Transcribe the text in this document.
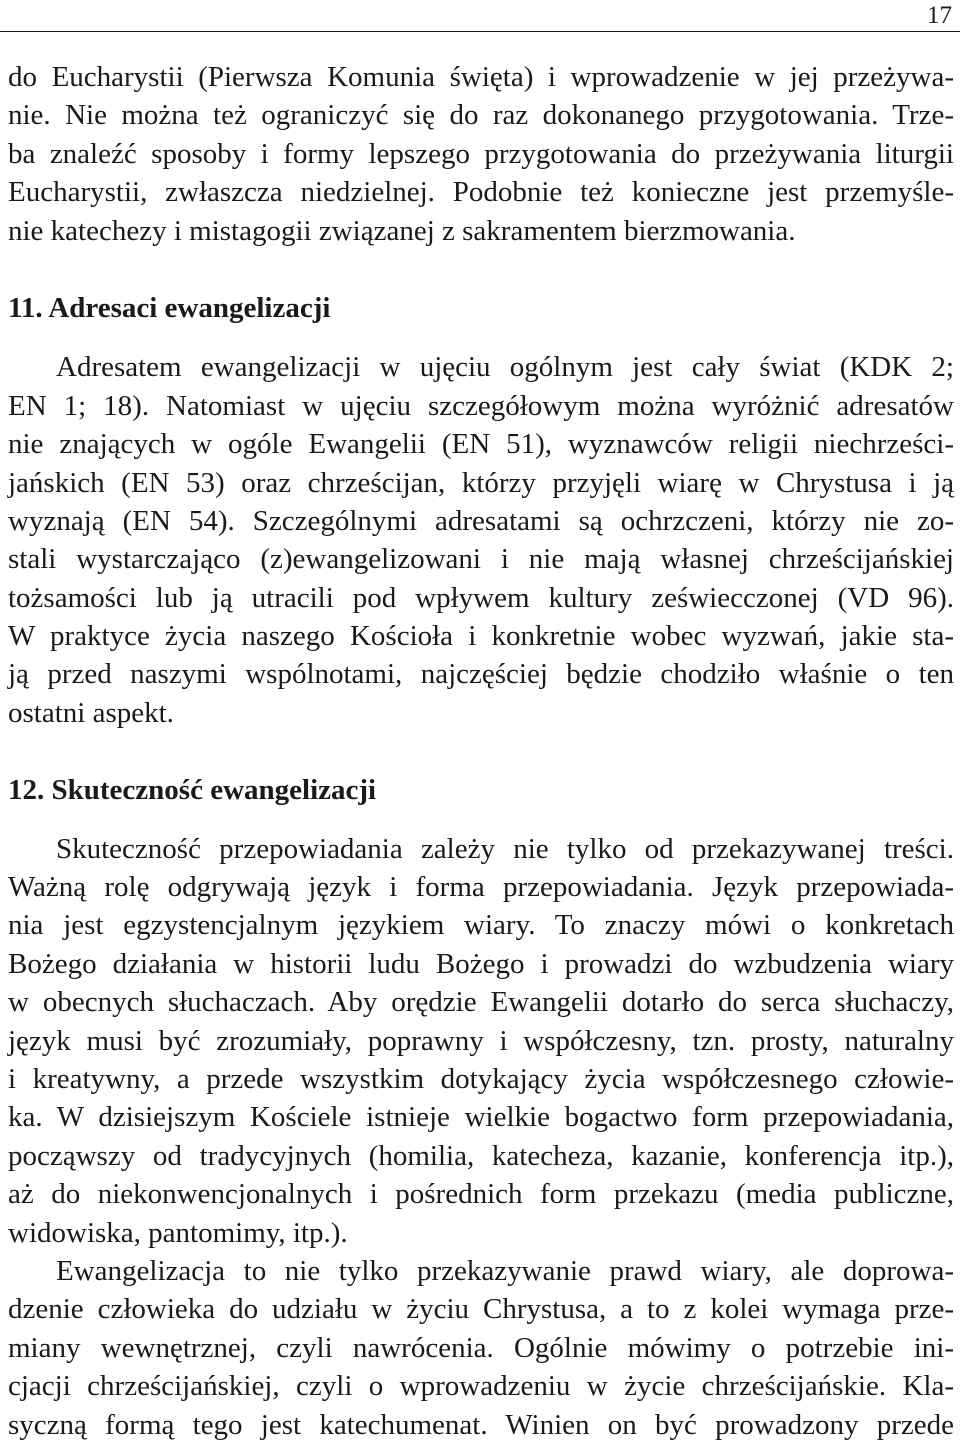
17
do Eucharystii (Pierwsza Komunia święta) i wprowadzenie w jej przeżywa-
nie. Nie można też ograniczyć się do raz dokonanego przygotowania. Trze-
ba znaleźć sposoby i formy lepszego przygotowania do przeżywania liturgii
Eucharystii, zwłaszcza niedzielnej. Podobnie też konieczne jest przemyśle-
nie katechezy i mistagogii związanej z sakramentem bierzmowania.
11. Adresaci ewangelizacji
Adresatem ewangelizacji w ujęciu ogólnym jest cały świat (KDK 2;
EN 1; 18). Natomiast w ujęciu szczegółowym można wyróżnić adresatów
nie znających w ogóle Ewangelii (EN 51), wyznawców religii niechrześci-
jańskich (EN 53) oraz chrześcijan, którzy przyjęli wiarę w Chrystusa i ją
wyznają (EN 54). Szczególnymi adresatami są ochrzczeni, którzy nie zo-
stali wystarczająco (z)ewangelizowani i nie mają własnej chrześcijańskiej
tożsamości lub ją utracili pod wpływem kultury zeświecczonej (VD 96).
W praktyce życia naszego Kościoła i konkretnie wobec wyzwań, jakie sta-
ją przed naszymi wspólnotami, najczęściej będzie chodziło właśnie o ten
ostatni aspekt.
12. Skuteczność ewangelizacji
Skuteczność przepowiadania zależy nie tylko od przekazywanej treści.
Ważną rolę odgrywają język i forma przepowiadania. Język przepowiada-
nia jest egzystencjalnym językiem wiary. To znaczy mówi o konkretach
Bożego działania w historii ludu Bożego i prowadzi do wzbudzenia wiary
w obecnych słuchaczach. Aby orędzie Ewangelii dotarło do serca słuchaczy,
język musi być zrozumiały, poprawny i współczesny, tzn. prosty, naturalny
i kreatywny, a przede wszystkim dotykający życia współczesnego człowie-
ka. W dzisiejszym Kościele istnieje wielkie bogactwo form przepowiadania,
począwszy od tradycyjnych (homilia, katecheza, kazanie, konferencja itp.),
aż do niekonwencjonalnych i pośrednich form przekazu (media publiczne,
widowiska, pantomimy, itp.).
Ewangelizacja to nie tylko przekazywanie prawd wiary, ale doprowa-
dzenie człowieka do udziału w życiu Chrystusa, a to z kolei wymaga prze-
miany wewnętrznej, czyli nawrócenia. Ogólnie mówimy o potrzebie ini-
cjacji chrześcijańskiej, czyli o wprowadzeniu w życie chrześcijańskie. Kla-
syczną formą tego jest katechumenat. Winien on być prowadzony przede
